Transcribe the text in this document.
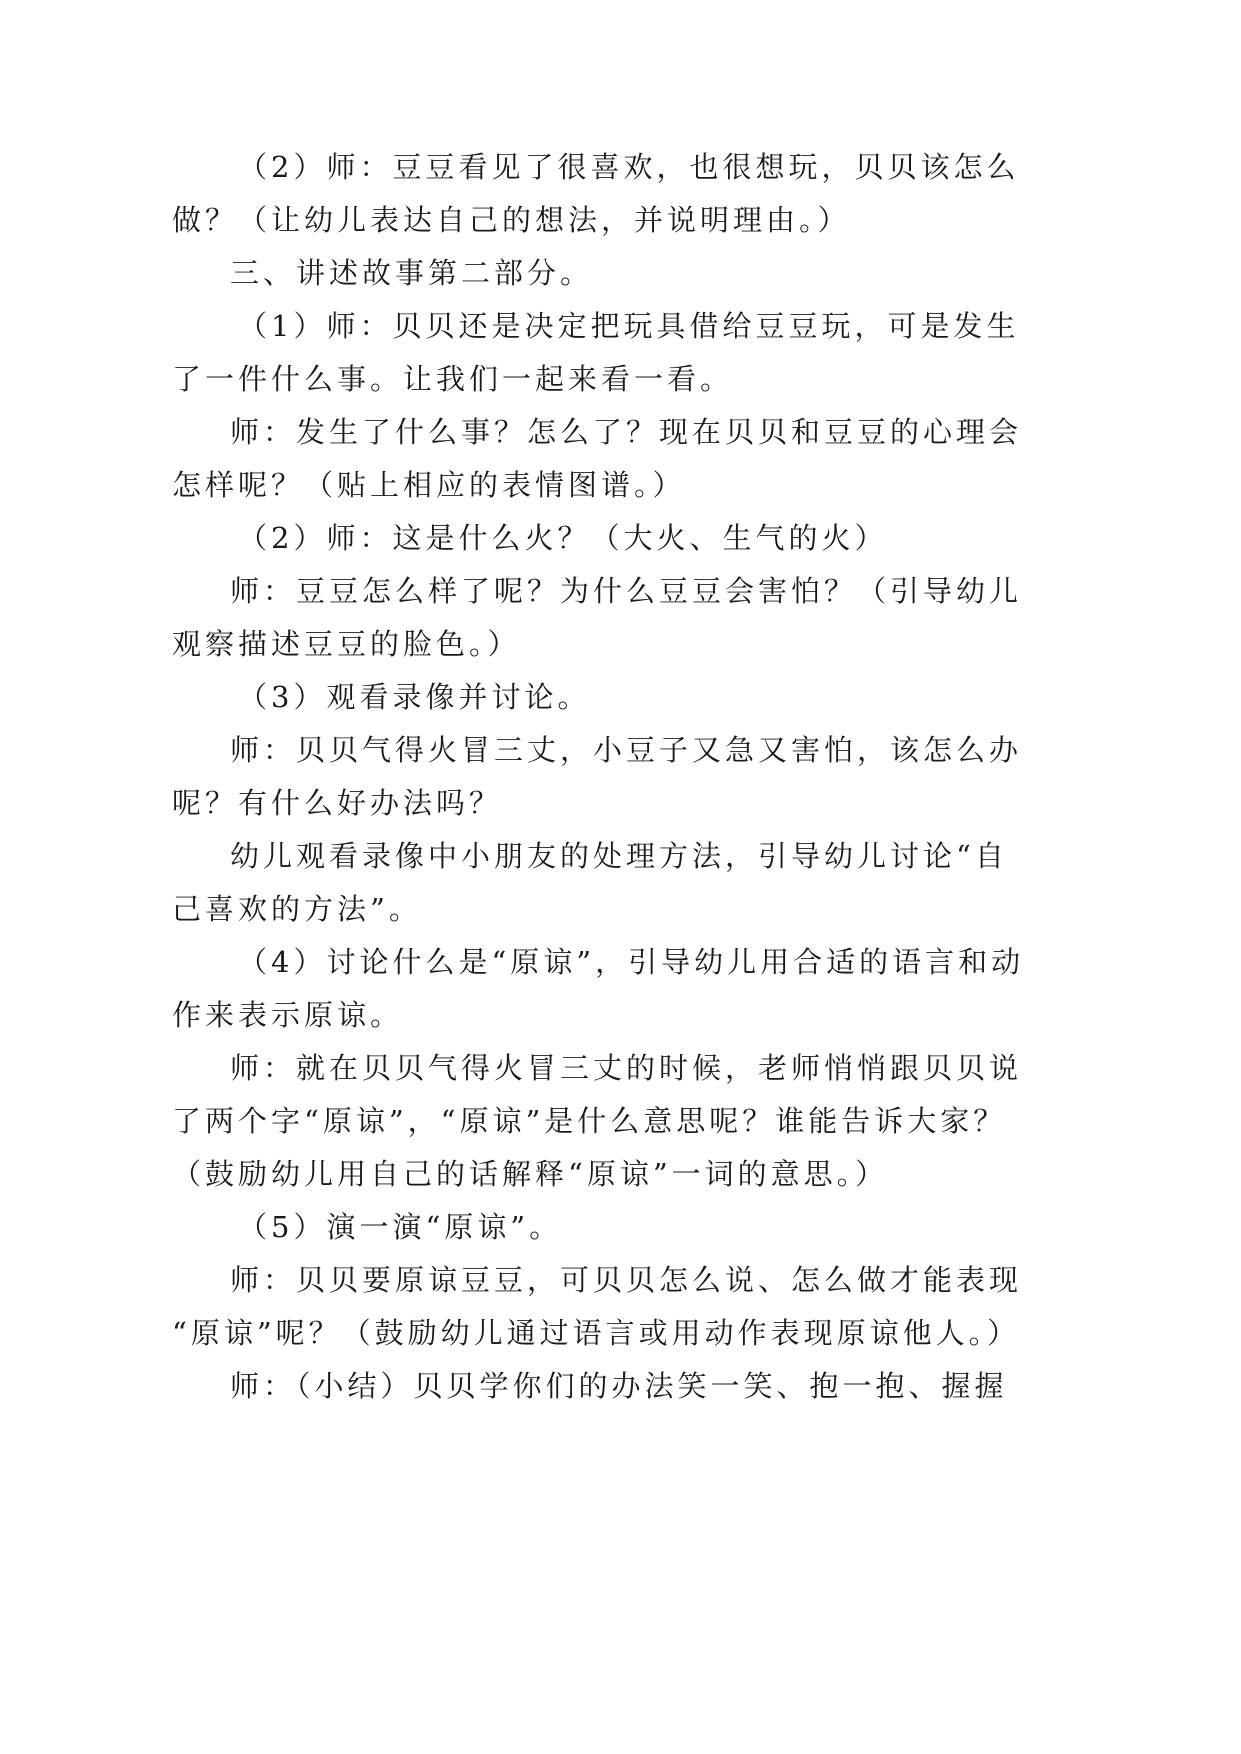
（2）师：豆豆看见了很喜欢，也很想玩，贝贝该怎么
做？（让幼儿表达自己的想法，并说明理由。）
三、讲述故事第二部分。
（1）师：贝贝还是决定把玩具借给豆豆玩，可是发生
了一件什么事。让我们一起来看一看。
师：发生了什么事？怎么了？现在贝贝和豆豆的心理会
怎样呢？（贴上相应的表情图谱。）
（2）师：这是什么火？（大火、生气的火）
师：豆豆怎么样了呢？为什么豆豆会害怕？（引导幼儿
观察描述豆豆的脸色。）
（3）观看录像并讨论。
师：贝贝气得火冒三丈，小豆子又急又害怕，该怎么办
呢？有什么好办法吗？
幼儿观看录像中小朋友的处理方法，引导幼儿讨论“自
己喜欢的方法”。
（4）讨论什么是“原谅”，引导幼儿用合适的语言和动
作来表示原谅。
师：就在贝贝气得火冒三丈的时候，老师悄悄跟贝贝说
了两个字“原谅”，“原谅”是什么意思呢？谁能告诉大家？
（鼓励幼儿用自己的话解释“原谅”一词的意思。）
（5）演一演“原谅”。
师：贝贝要原谅豆豆，可贝贝怎么说、怎么做才能表现
“原谅”呢？（鼓励幼儿通过语言或用动作表现原谅他人。）
师：（小结）贝贝学你们的办法笑一笑、抱一抱、握握
